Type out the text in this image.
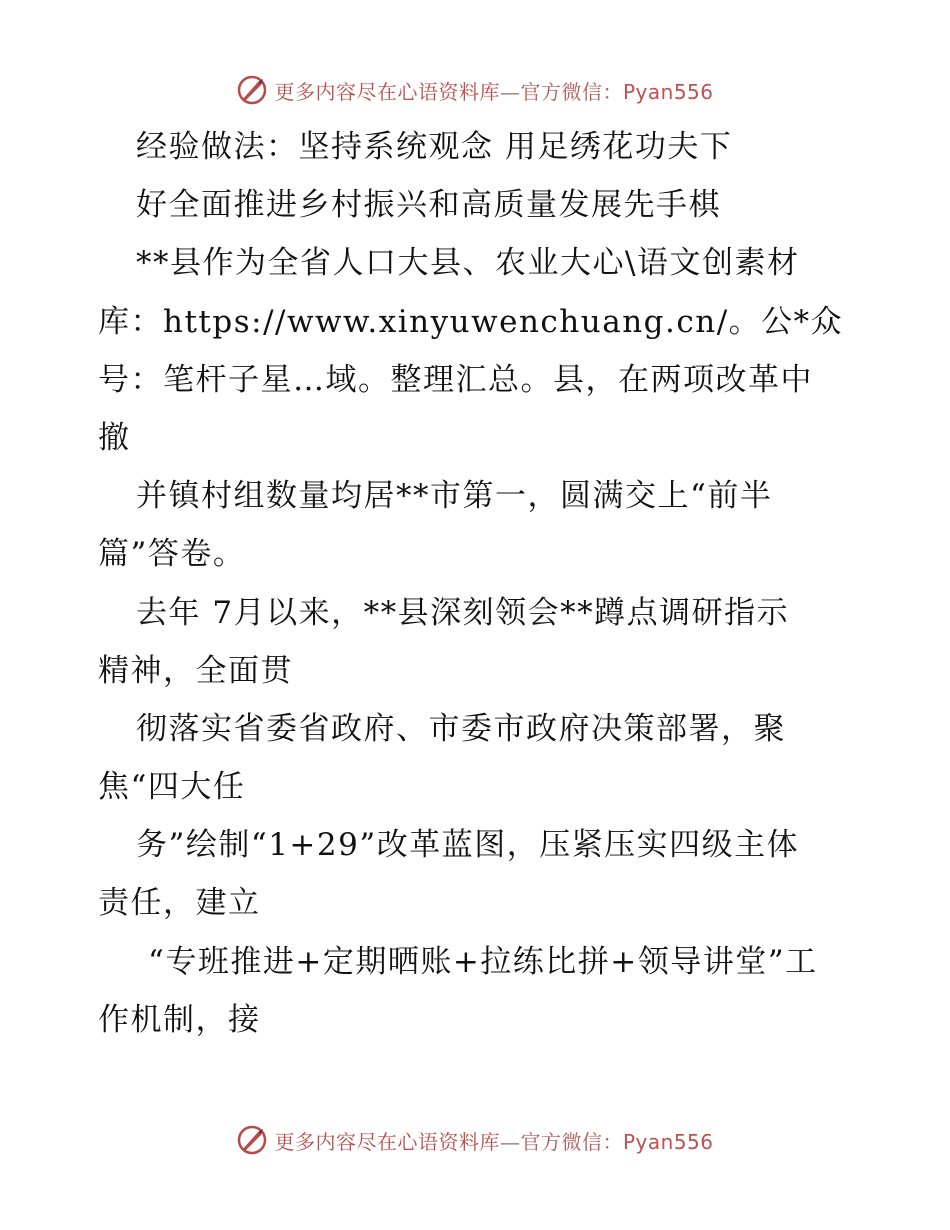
更多内容尽在心语资料库—官方微信：Pyan556
经验做法：坚持系统观念 用足绣花功夫下
好全面推进乡村振兴和高质量发展先手棋
**县作为全省人口大县、农业大心\语文创素材
库：https://www.xinyuwenchuang.cn/。公*众
号：笔杆子星…域。整理汇总。县，在两项改革中
撤
并镇村组数量均居**市第一，圆满交上“前半
篇”答卷。
去年 7月以来，**县深刻领会**蹲点调研指示
精神，全面贯
彻落实省委省政府、市委市政府决策部署，聚
焦“四大任
务”绘制“1+29”改革蓝图，压紧压实四级主体
责任，建立
“专班推进+定期晒账+拉练比拼+领导讲堂”工
作机制，接
更多内容尽在心语资料库—官方微信：Pyan556
